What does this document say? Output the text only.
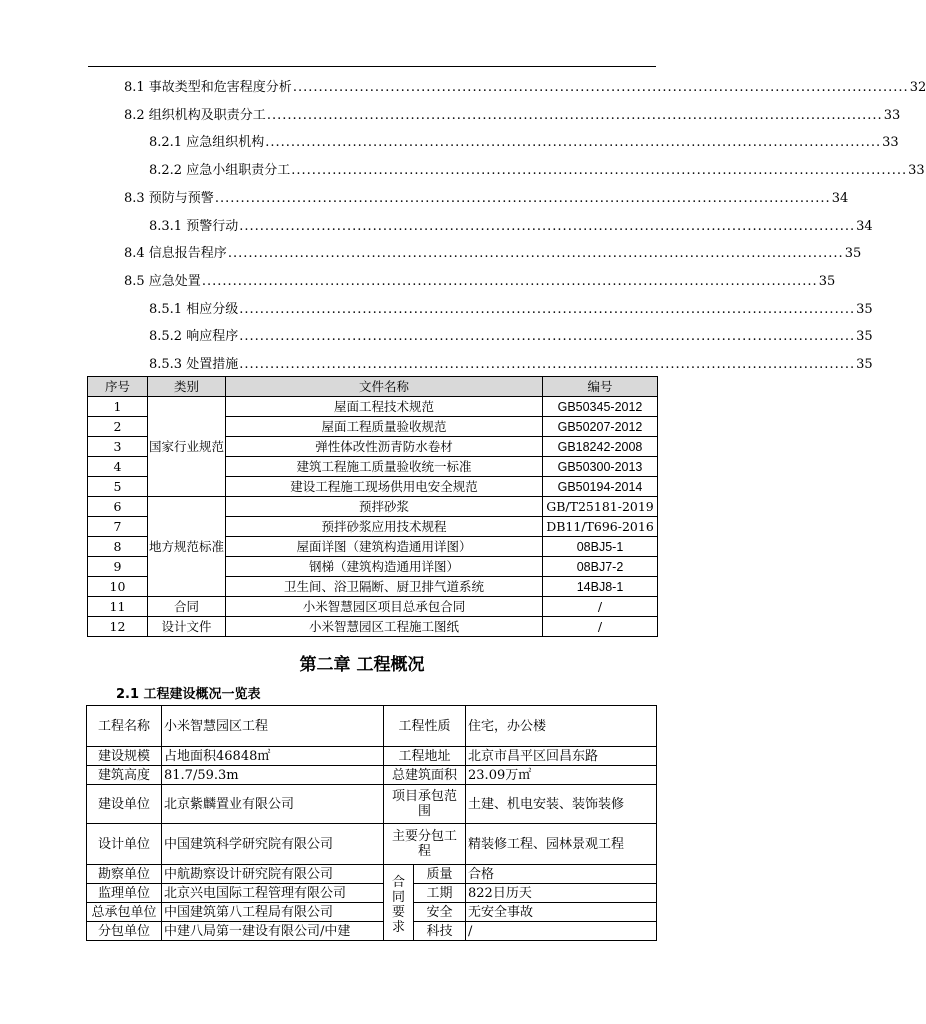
8.1 事故类型和危害程度分析 ........................................................................................................................ 32
8.2 组织机构及职责分工 ........................................................................................................................ 33
8.2.1 应急组织机构 ........................................................................................................................ 33
8.2.2 应急小组职责分工 ........................................................................................................................ 33
8.3 预防与预警 ........................................................................................................................ 34
8.3.1 预警行动 ........................................................................................................................ 34
8.4 信息报告程序 ........................................................................................................................ 35
8.5 应急处置 ........................................................................................................................ 35
8.5.1 相应分级 ........................................................................................................................ 35
8.5.2 响应程序 ........................................................................................................................ 35
8.5.3 处置措施 ........................................................................................................................ 35
序号	类别	文件名称	编号
1	国家行业规范	屋面工程技术规范	GB50345-2012
2		屋面工程质量验收规范	GB50207-2012
3		弹性体改性沥青防水卷材	GB18242-2008
4		建筑工程施工质量验收统一标准	GB50300-2013
5		建设工程施工现场供用电安全规范	GB50194-2014
6	地方规范标准	预拌砂浆	GB/T25181-2019
7		预拌砂浆应用技术规程	DB11/T696-2016
8		屋面详图（建筑构造通用详图）	08BJ5-1
9		钢梯（建筑构造通用详图）	08BJ7-2
10		卫生间、浴卫隔断、厨卫排气道系统	14BJ8-1
11	合同	小米智慧园区项目总承包合同	/
12	设计文件	小米智慧园区工程施工图纸	/
第二章 工程概况
2.1 工程建设概况一览表
工程名称	小米智慧园区工程	工程性质		住宅，办公楼
建设规模	占地面积46848㎡	工程地址		北京市昌平区回昌东路
建筑高度	81.7/59.3m	总建筑面积		23.09万㎡
建设单位	北京紫麟置业有限公司	项目承包范围		土建、机电安装、装饰装修
设计单位	中国建筑科学研究院有限公司	主要分包工程		精装修工程、园林景观工程
勘察单位	中航勘察设计研究院有限公司	合同要求	质量	合格
监理单位	北京兴电国际工程管理有限公司		工期	822日历天
总承包单位	中国建筑第八工程局有限公司		安全	无安全事故
分包单位	中建八局第一建设有限公司/中建		科技	/
